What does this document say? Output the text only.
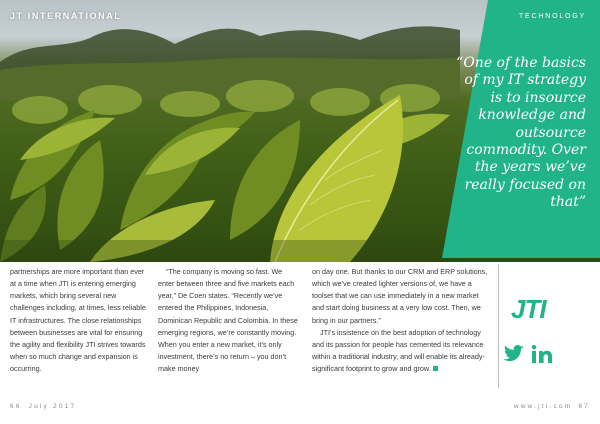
JT INTERNATIONAL	TECHNOLOGY
“One of the basics of my IT strategy is to insource knowledge and outsource commodity. Over the years we’ve really focused on that”

partnerships are more important than ever at a time when JTI is entering emerging markets, which bring several new challenges including, at times, less reliable IT infrastructures. The close relationships between businesses are vital for ensuring the agility and flexibility JTI strives towards when so much change and expansion is occurring.

“The company is moving so fast. We enter between three and five markets each year,” De Coen states. “Recently we’ve entered the Philippines, Indonesia, Dominican Republic and Colombia. In these emerging regions, we’re constantly moving. When you enter a new market, it’s only investment, there’s no return – you don’t make money

on day one. But thanks to our CRM and ERP solutions, which we’ve created lighter versions of, we have a toolset that we can use immediately in a new market and start doing business at a very low cost. Then, we bring in our partners.”

JTI’s insistence on the best adoption of technology and its passion for people has cemented its relevance within a traditional industry, and will enable its already-significant footprint to grow and grow.

JTI
66 July 2017	www.jti.com 67
